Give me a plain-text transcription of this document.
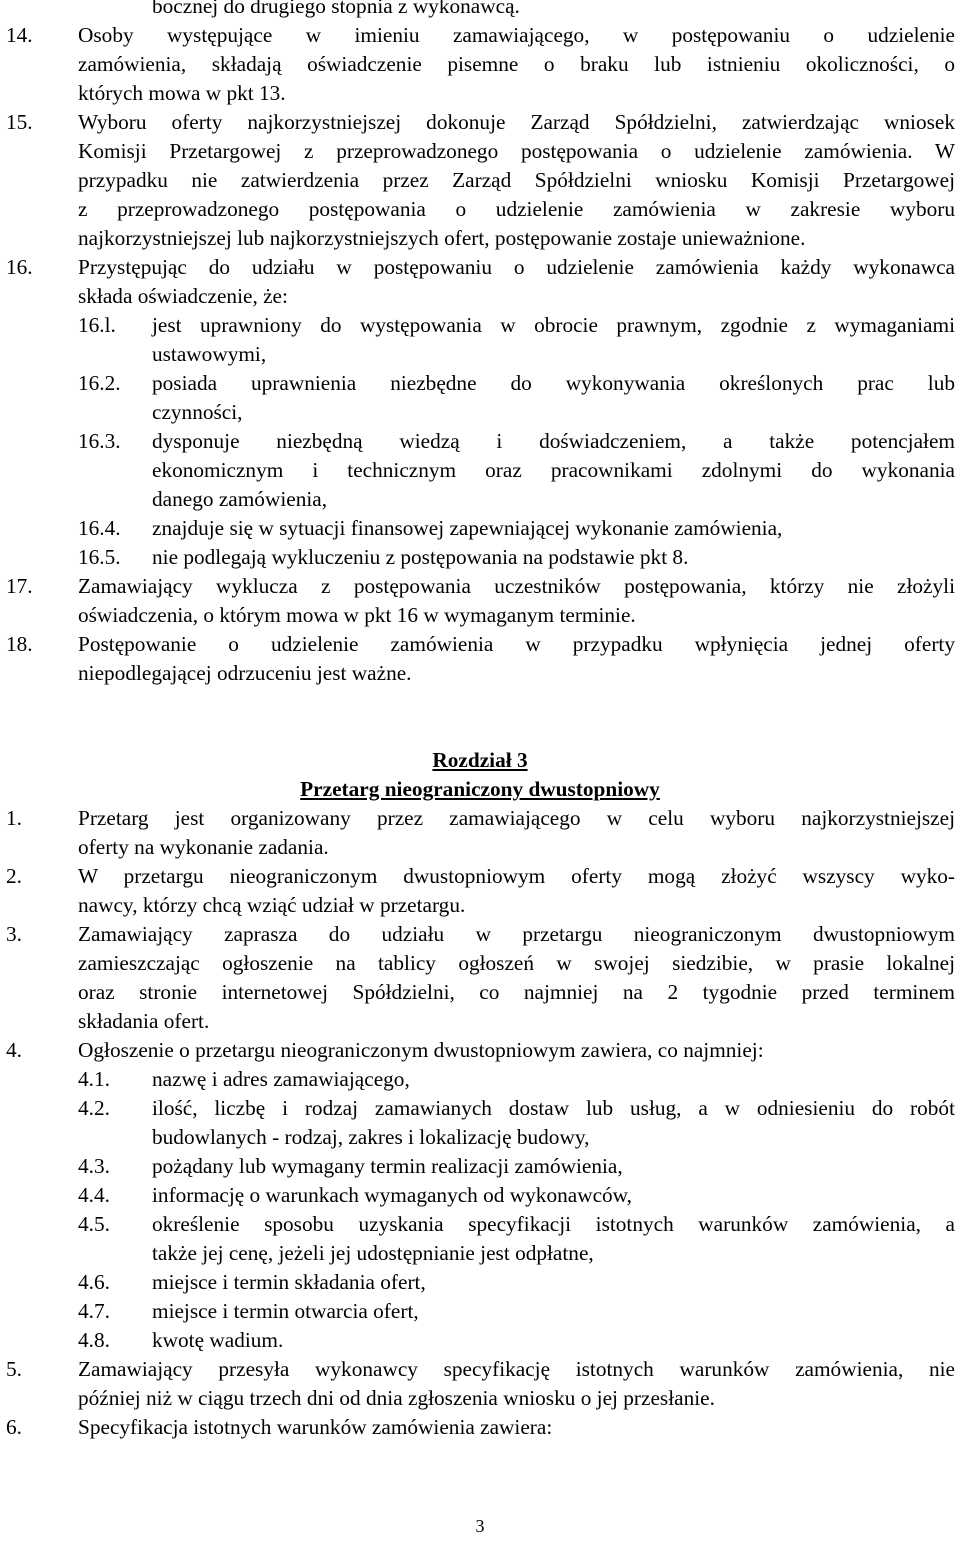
bocznej do drugiego stopnia z wykonawcą.
14. Osoby występujące w imieniu zamawiającego, w postępowaniu o udzielenie
zamówienia, składają oświadczenie pisemne o braku lub istnieniu okoliczności, o
których mowa w pkt 13.
15. Wyboru oferty najkorzystniejszej dokonuje Zarząd Spółdzielni, zatwierdzając wniosek
Komisji Przetargowej z przeprowadzonego postępowania o udzielenie zamówienia. W
przypadku nie zatwierdzenia przez Zarząd Spółdzielni wniosku Komisji Przetargowej
z przeprowadzonego postępowania o udzielenie zamówienia w zakresie wyboru
najkorzystniejszej lub najkorzystniejszych ofert, postępowanie zostaje unieważnione.
16. Przystępując do udziału w postępowaniu o udzielenie zamówienia każdy wykonawca
składa oświadczenie, że:
16.l. jest uprawniony do występowania w obrocie prawnym, zgodnie z wymaganiami
ustawowymi,
16.2. posiada uprawnienia niezbędne do wykonywania określonych prac lub
czynności,
16.3. dysponuje niezbędną wiedzą i doświadczeniem, a także potencjałem
ekonomicznym i technicznym oraz pracownikami zdolnymi do wykonania
danego zamówienia,
16.4. znajduje się w sytuacji finansowej zapewniającej wykonanie zamówienia,
16.5. nie podlegają wykluczeniu z postępowania na podstawie pkt 8.
17. Zamawiający wyklucza z postępowania uczestników postępowania, którzy nie złożyli
oświadczenia, o którym mowa w pkt 16 w wymaganym terminie.
18. Postępowanie o udzielenie zamówienia w przypadku wpłynięcia jednej oferty
niepodlegającej odrzuceniu jest ważne.
1.	Przetarg jest organizowany przez zamawiającego w celu wyboru najkorzystniejszej
oferty na wykonanie zadania.
2.	W przetargu nieograniczonym dwustopniowym oferty mogą złożyć wszyscy wyko-
nawcy, którzy chcą wziąć udział w przetargu.
3.	Zamawiający zaprasza do udziału w przetargu nieograniczonym dwustopniowym
zamieszczając ogłoszenie na tablicy ogłoszeń w swojej siedzibie, w prasie lokalnej
oraz stronie internetowej Spółdzielni, co najmniej na 2 tygodnie przed terminem
składania ofert.
4.	Ogłoszenie o przetargu nieograniczonym dwustopniowym zawiera, co najmniej:
4.1. nazwę i adres zamawiającego,
4.2. ilość, liczbę i rodzaj zamawianych dostaw lub usług, a w odniesieniu do robót
budowlanych - rodzaj, zakres i lokalizację budowy,
4.3. pożądany lub wymagany termin realizacji zamówienia,
4.4. informację o warunkach wymaganych od wykonawców,
4.5. określenie sposobu uzyskania specyfikacji istotnych warunków zamówienia, a
także jej cenę, jeżeli jej udostępnianie jest odpłatne,
4.6. miejsce i termin składania ofert,
4.7. miejsce i termin otwarcia ofert,
4.8. kwotę wadium.
5.	Zamawiający przesyła wykonawcy specyfikację istotnych warunków zamówienia, nie
później niż w ciągu trzech dni od dnia zgłoszenia wniosku o jej przesłanie.
6.	Specyfikacja istotnych warunków zamówienia zawiera:
Rozdział 3
Przetarg nieograniczony dwustopniowy
3
